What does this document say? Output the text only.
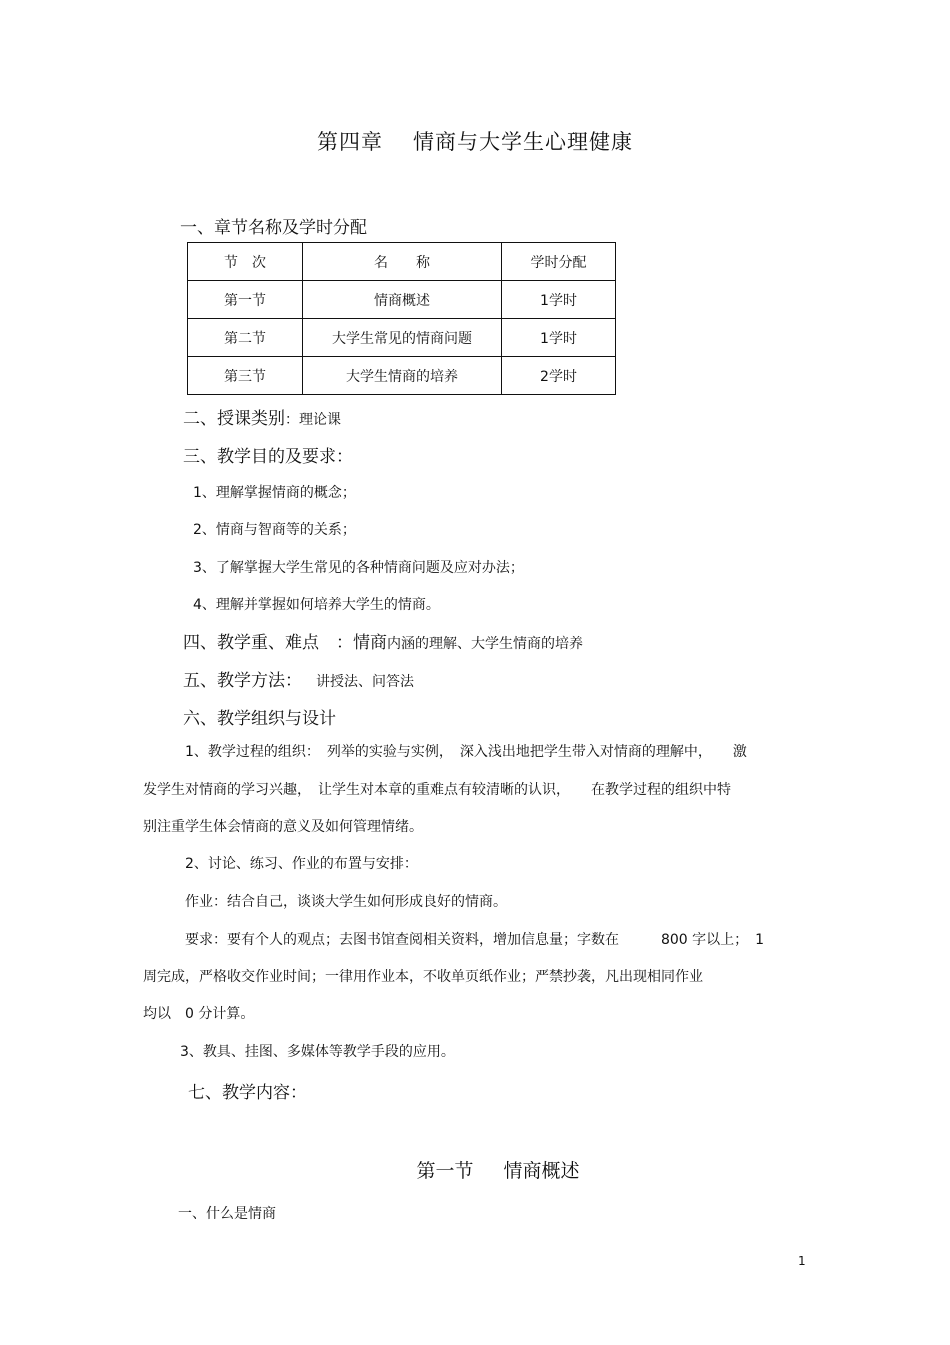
第四章 情商与大学生心理健康
一、章节名称及学时分配
节　次	名　　称	学时分配
第一节	情商概述	1学时
第二节	大学生常见的情商问题	1学时
第三节	大学生情商的培养	2学时
二、授课类别：理论课
三、教学目的及要求：
1、理解掌握情商的概念；
2、情商与智商等的关系；
3、了解掌握大学生常见的各种情商问题及应对办法；
4、理解并掌握如何培养大学生的情商。
四、教学重、难点　：情商内涵的理解、大学生情商的培养
五、教学方法： 讲授法、问答法
六、教学组织与设计
1、教学过程的组织：　列举的实验与实例，　深入浅出地把学生带入对情商的理解中，　　激
发学生对情商的学习兴趣，　让学生对本章的重难点有较清晰的认识，　　在教学过程的组织中特
别注重学生体会情商的意义及如何管理情绪。
2、讨论、练习、作业的布置与安排：
作业：结合自己，谈谈大学生如何形成良好的情商。
要求：要有个人的观点；去图书馆查阅相关资料，增加信息量；字数在　　　800 字以上；　1
周完成，严格收交作业时间；一律用作业本，不收单页纸作业；严禁抄袭，凡出现相同作业
均以　0 分计算。
3、教具、挂图、多媒体等教学手段的应用。
七、教学内容：
第一节 情商概述
一、什么是情商
1
